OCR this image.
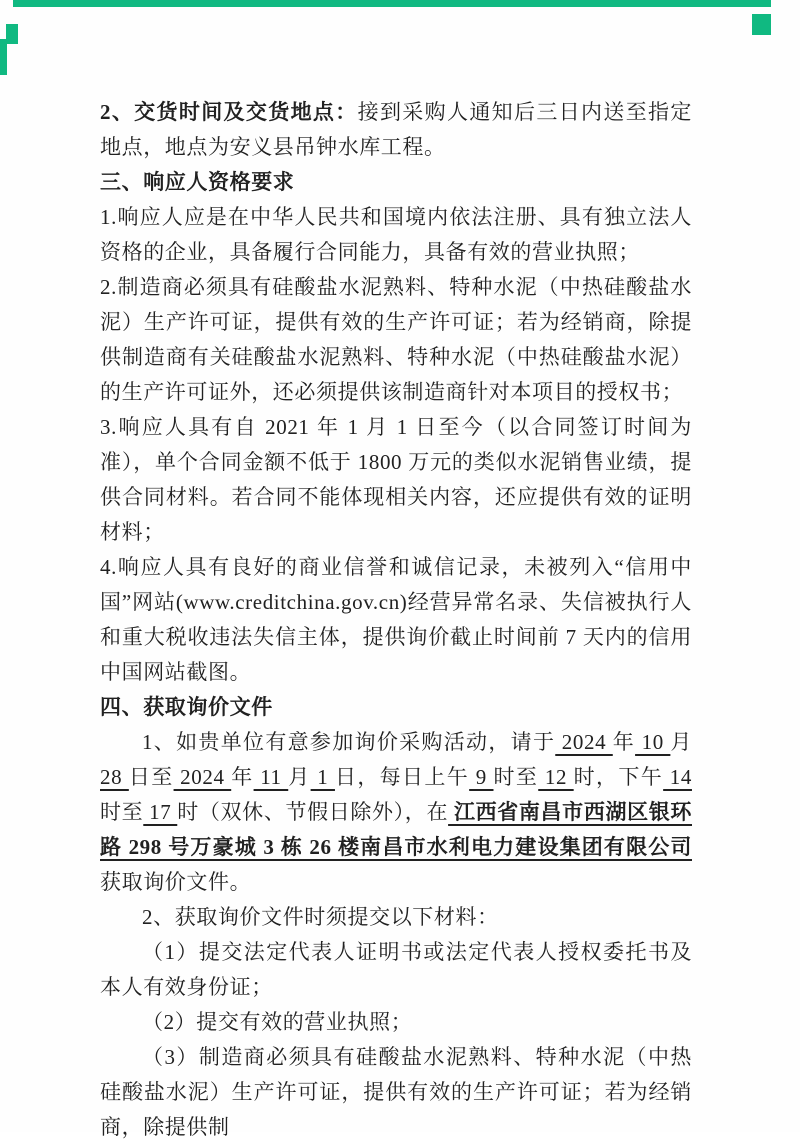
2、交货时间及交货地点：接到采购人通知后三日内送至指定地点，地点为安义县吊钟水库工程。

三、响应人资格要求

1.响应人应是在中华人民共和国境内依法注册、具有独立法人资格的企业，具备履行合同能力，具备有效的营业执照；

2.制造商必须具有硅酸盐水泥熟料、特种水泥（中热硅酸盐水泥）生产许可证，提供有效的生产许可证；若为经销商，除提供制造商有关硅酸盐水泥熟料、特种水泥（中热硅酸盐水泥）的生产许可证外，还必须提供该制造商针对本项目的授权书；

3.响应人具有自 2021 年 1 月 1 日至今（以合同签订时间为准），单个合同金额不低于 1800 万元的类似水泥销售业绩，提供合同材料。若合同不能体现相关内容，还应提供有效的证明材料；

4.响应人具有良好的商业信誉和诚信记录，未被列入“信用中国”网站(www.creditchina.gov.cn)经营异常名录、失信被执行人和重大税收违法失信主体，提供询价截止时间前 7 天内的信用中国网站截图。

四、获取询价文件

1、如贵单位有意参加询价采购活动，请于 2024 年 10 月 28 日至 2024 年 11 月 1 日，每日上午 9 时至 12 时，下午 14 时至 17 时（双休、节假日除外），在 江西省南昌市西湖区银环路 298 号万豪城 3 栋 26 楼南昌市水利电力建设集团有限公司 获取询价文件。

2、获取询价文件时须提交以下材料：

（1）提交法定代表人证明书或法定代表人授权委托书及本人有效身份证；

（2）提交有效的营业执照；

（3）制造商必须具有硅酸盐水泥熟料、特种水泥（中热硅酸盐水泥）生产许可证，提供有效的生产许可证；若为经销商，除提供制
